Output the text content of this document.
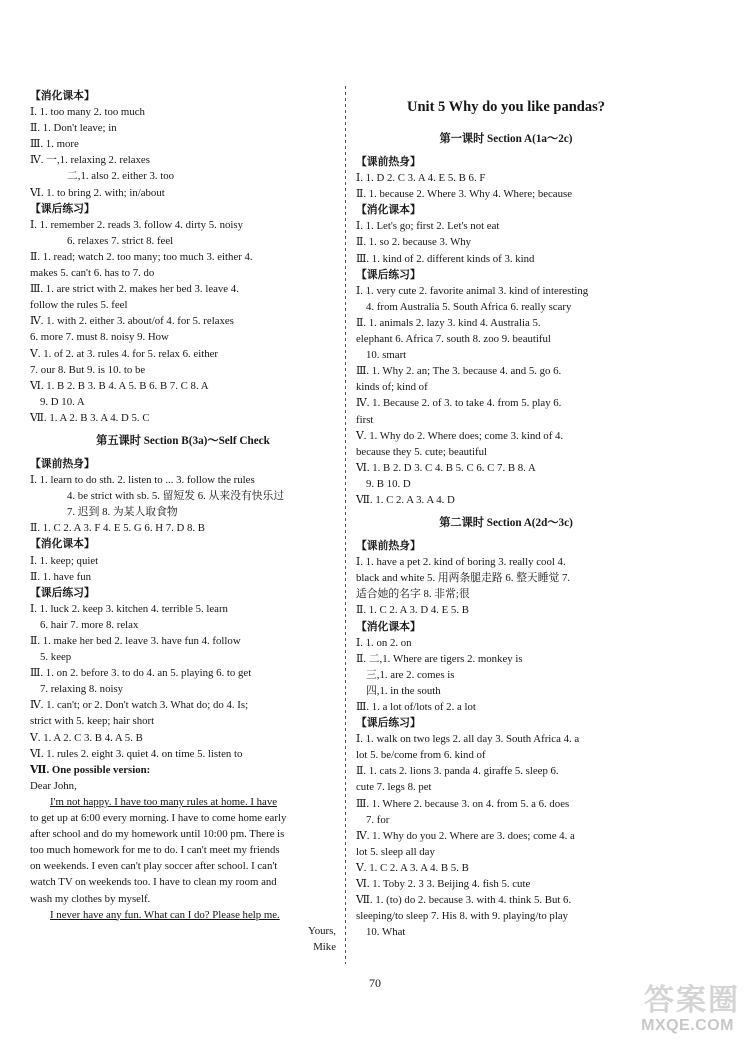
【消化课本】
Ⅰ. 1. too many 2. too much
Ⅱ. 1. Don't leave; in
Ⅲ. 1. more
Ⅳ. 一,1. relaxing 2. relaxes
二,1. also 2. either 3. too
Ⅵ. 1. to bring 2. with; in/about
【课后练习】
Ⅰ. 1. remember 2. reads 3. follow 4. dirty 5. noisy
6. relaxes 7. strict 8. feel
Ⅱ. 1. read; watch 2. too many; too much 3. either 4.
makes 5. can't 6. has to 7. do
Ⅲ. 1. are strict with 2. makes her bed 3. leave 4.
follow the rules 5. feel
Ⅳ. 1. with 2. either 3. about/of 4. for 5. relaxes
6. more 7. must 8. noisy 9. How
Ⅴ. 1. of 2. at 3. rules 4. for 5. relax 6. either
7. our 8. But 9. is 10. to be
Ⅵ. 1. B 2. B 3. B 4. A 5. B 6. B 7. C 8. A
9. D 10. A
Ⅶ. 1. A 2. B 3. A 4. D 5. C
第五课时 Section B(3a)～Self Check
【课前热身】
Ⅰ. 1. learn to do sth. 2. listen to ... 3. follow the rules
4. be strict with sb. 5. 留短发 6. 从来没有快乐过
7. 迟到 8. 为某人取食物
Ⅱ. 1. C 2. A 3. F 4. E 5. G 6. H 7. D 8. B
【消化课本】
Ⅰ. 1. keep; quiet
Ⅱ. 1. have fun
【课后练习】
Ⅰ. 1. luck 2. keep 3. kitchen 4. terrible 5. learn
6. hair 7. more 8. relax
Ⅱ. 1. make her bed 2. leave 3. have fun 4. follow
5. keep
Ⅲ. 1. on 2. before 3. to do 4. an 5. playing 6. to get
7. relaxing 8. noisy
Ⅳ. 1. can't; or 2. Don't watch 3. What do; do 4. Is;
strict with 5. keep; hair short
Ⅴ. 1. A 2. C 3. B 4. A 5. B
Ⅵ. 1. rules 2. eight 3. quiet 4. on time 5. listen to
Ⅶ. One possible version:
Dear John,
I'm not happy. I have too many rules at home. I have
to get up at 6:00 every morning. I have to come home early
after school and do my homework until 10:00 pm. There is
too much homework for me to do. I can't meet my friends
on weekends. I even can't play soccer after school. I can't
watch TV on weekends too. I have to clean my room and
wash my clothes by myself.
I never have any fun. What can I do? Please help me.
Yours,
Mike
Unit 5 Why do you like pandas?
第一课时 Section A(1a～2c)
【课前热身】
Ⅰ. 1. D 2. C 3. A 4. E 5. B 6. F
Ⅱ. 1. because 2. Where 3. Why 4. Where; because
【消化课本】
Ⅰ. 1. Let's go; first 2. Let's not eat
Ⅱ. 1. so 2. because 3. Why
Ⅲ. 1. kind of 2. different kinds of 3. kind
【课后练习】
Ⅰ. 1. very cute 2. favorite animal 3. kind of interesting
4. from Australia 5. South Africa 6. really scary
Ⅱ. 1. animals 2. lazy 3. kind 4. Australia 5.
elephant 6. Africa 7. south 8. zoo 9. beautiful
10. smart
Ⅲ. 1. Why 2. an; The 3. because 4. and 5. go 6.
kinds of; kind of
Ⅳ. 1. Because 2. of 3. to take 4. from 5. play 6.
first
Ⅴ. 1. Why do 2. Where does; come 3. kind of 4.
because they 5. cute; beautiful
Ⅵ. 1. B 2. D 3. C 4. B 5. C 6. C 7. B 8. A
9. B 10. D
Ⅶ. 1. C 2. A 3. A 4. D
第二课时 Section A(2d～3c)
【课前热身】
Ⅰ. 1. have a pet 2. kind of boring 3. really cool 4.
black and white 5. 用两条腿走路 6. 整天睡觉 7.
适合她的名字 8. 非常;很
Ⅱ. 1. C 2. A 3. D 4. E 5. B
【消化课本】
Ⅰ. 1. on 2. on
Ⅱ. 二,1. Where are tigers 2. monkey is
三,1. are 2. comes is
四,1. in the south
Ⅲ. 1. a lot of/lots of 2. a lot
【课后练习】
Ⅰ. 1. walk on two legs 2. all day 3. South Africa 4. a
lot 5. be/come from 6. kind of
Ⅱ. 1. cats 2. lions 3. panda 4. giraffe 5. sleep 6.
cute 7. legs 8. pet
Ⅲ. 1. Where 2. because 3. on 4. from 5. a 6. does
7. for
Ⅳ. 1. Why do you 2. Where are 3. does; come 4. a
lot 5. sleep all day
Ⅴ. 1. C 2. A 3. A 4. B 5. B
Ⅵ. 1. Toby 2. 3 3. Beijing 4. fish 5. cute
Ⅶ. 1. (to) do 2. because 3. with 4. think 5. But 6.
sleeping/to sleep 7. His 8. with 9. playing/to play
10. What
70	答案圈
MXQE.COM
